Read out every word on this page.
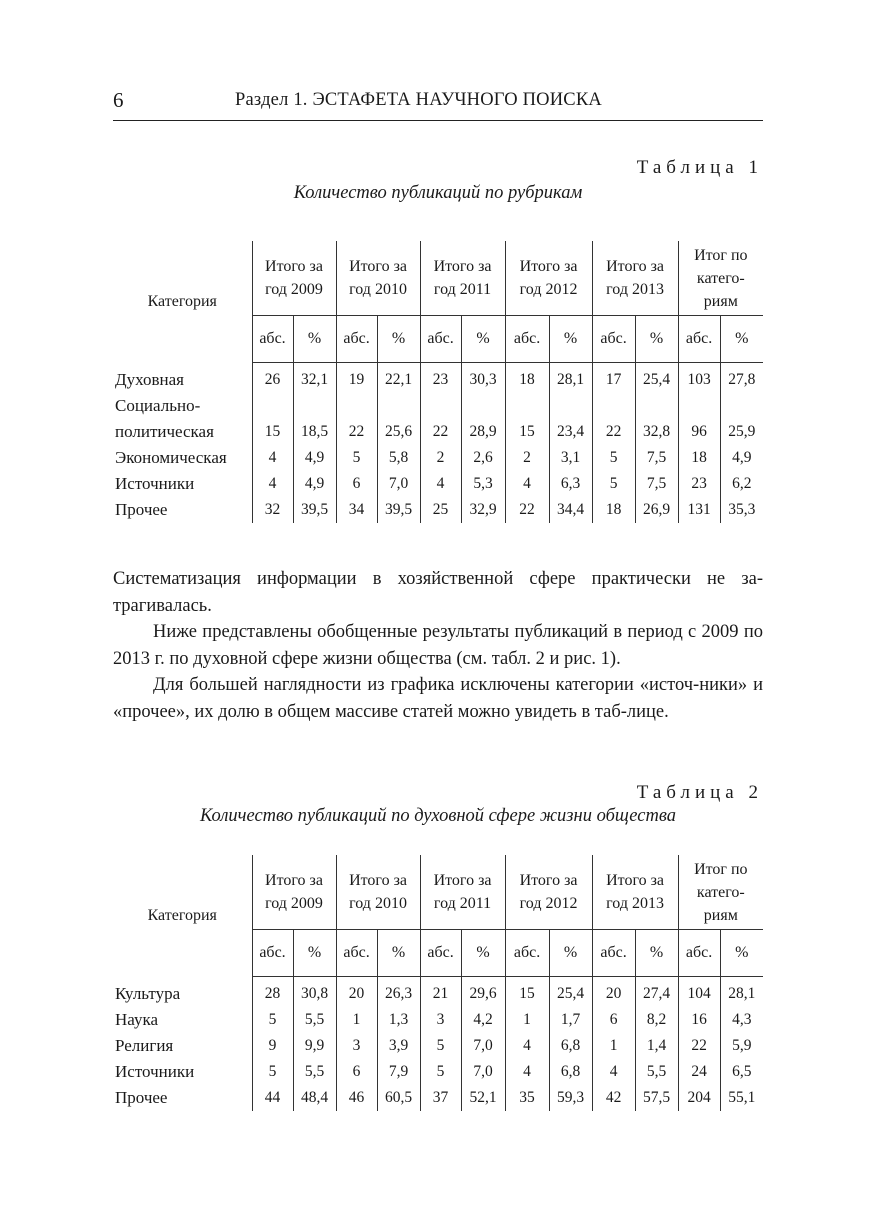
6	Раздел 1. ЭСТАФЕТА НАУЧНОГО ПОИСКА
Таблица 1
Количество публикаций по рубрикам
Категория	Итого за
год 2009		Итого за
год 2010		Итого за
год 2011		Итого за
год 2012		Итого за
год 2013		Итог по
катего-
риям	
	абс.	%	абс.	%	абс.	%	абс.	%	абс.	%	абс.	%
Духовная	26	32,1	19	22,1	23	30,3	18	28,1	17	25,4	103	27,8
Социально-
политическая	15	18,5	22	25,6	22	28,9	15	23,4	22	32,8	96	25,9
Экономическая	4	4,9	5	5,8	2	2,6	2	3,1	5	7,5	18	4,9
Источники	4	4,9	6	7,0	4	5,3	4	6,3	5	7,5	23	6,2
Прочее	32	39,5	34	39,5	25	32,9	22	34,4	18	26,9	131	35,3

Систематизация информации в хозяйственной сфере практически не за-трагивалась.

Ниже представлены обобщенные результаты публикаций в период с 2009 по 2013 г. по духовной сфере жизни общества (см. табл. 2 и рис. 1).

Для большей наглядности из графика исключены категории «источ-ники» и «прочее», их долю в общем массиве статей можно увидеть в таб-лице.

Таблица 2
Количество публикаций по духовной сфере жизни общества
Категория	Итого за
год 2009		Итого за
год 2010		Итого за
год 2011		Итого за
год 2012		Итого за
год 2013		Итог по
катего-
риям	
	абс.	%	абс.	%	абс.	%	абс.	%	абс.	%	абс.	%
Культура	28	30,8	20	26,3	21	29,6	15	25,4	20	27,4	104	28,1
Наука	5	5,5	1	1,3	3	4,2	1	1,7	6	8,2	16	4,3
Религия	9	9,9	3	3,9	5	7,0	4	6,8	1	1,4	22	5,9
Источники	5	5,5	6	7,9	5	7,0	4	6,8	4	5,5	24	6,5
Прочее	44	48,4	46	60,5	37	52,1	35	59,3	42	57,5	204	55,1
